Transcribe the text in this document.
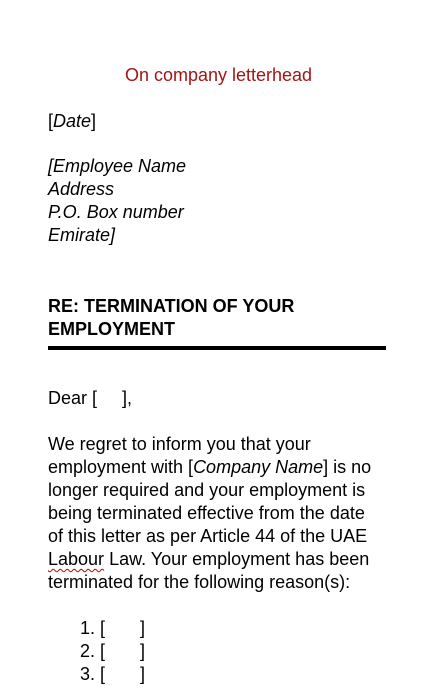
On company letterhead
[Date]
[Employee Name
Address
P.O. Box number
Emirate]
RE: TERMINATION OF YOUR
EMPLOYMENT
Dear [     ],
We regret to inform you that your
employment with [Company Name] is no
longer required and your employment is
being terminated effective from the date
of this letter as per Article 44 of the UAE
Labour Law. Your employment has been
terminated for the following reason(s):
1. [       ]
2. [       ]
3. [       ]
